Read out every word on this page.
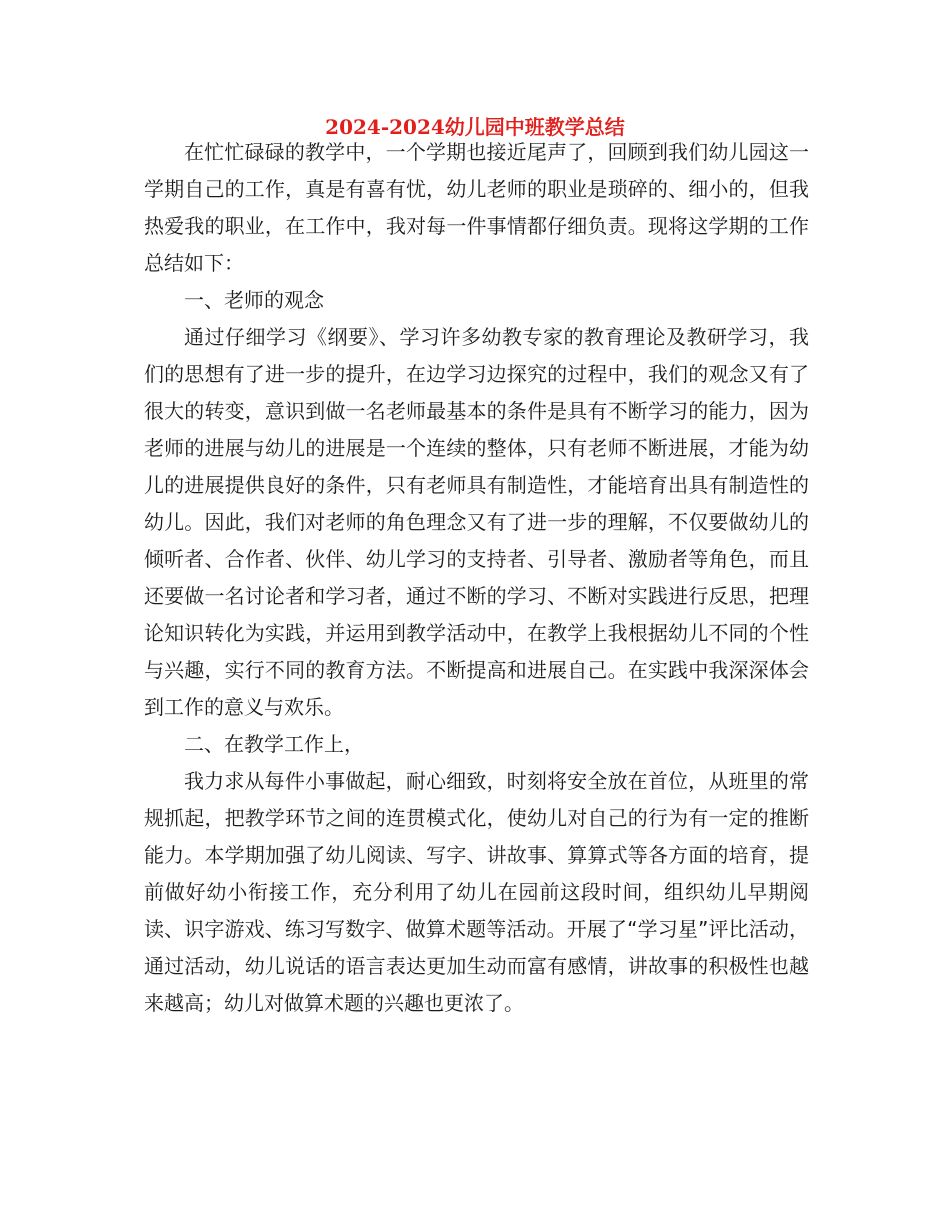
2024-2024幼儿园中班教学总结

在忙忙碌碌的教学中，一个学期也接近尾声了，回顾到我们幼儿园这一学期自己的工作，真是有喜有忧，幼儿老师的职业是琐碎的、细小的，但我热爱我的职业，在工作中，我对每一件事情都仔细负责。现将这学期的工作总结如下：

一、老师的观念

通过仔细学习《纲要》、学习许多幼教专家的教育理论及教研学习，我们的思想有了进一步的提升，在边学习边探究的过程中，我们的观念又有了很大的转变，意识到做一名老师最基本的条件是具有不断学习的能力，因为老师的进展与幼儿的进展是一个连续的整体，只有老师不断进展，才能为幼儿的进展提供良好的条件，只有老师具有制造性，才能培育出具有制造性的幼儿。因此，我们对老师的角色理念又有了进一步的理解，不仅要做幼儿的倾听者、合作者、伙伴、幼儿学习的支持者、引导者、激励者等角色，而且还要做一名讨论者和学习者，通过不断的学习、不断对实践进行反思，把理论知识转化为实践，并运用到教学活动中，在教学上我根据幼儿不同的个性与兴趣，实行不同的教育方法。不断提高和进展自己。在实践中我深深体会到工作的意义与欢乐。

二、在教学工作上，

我力求从每件小事做起，耐心细致，时刻将安全放在首位，从班里的常规抓起，把教学环节之间的连贯模式化，使幼儿对自己的行为有一定的推断能力。本学期加强了幼儿阅读、写字、讲故事、算算式等各方面的培育，提前做好幼小衔接工作，充分利用了幼儿在园前这段时间，组织幼儿早期阅读、识字游戏、练习写数字、做算术题等活动。开展了“学习星”评比活动，通过活动，幼儿说话的语言表达更加生动而富有感情，讲故事的积极性也越来越高；幼儿对做算术题的兴趣也更浓了。
